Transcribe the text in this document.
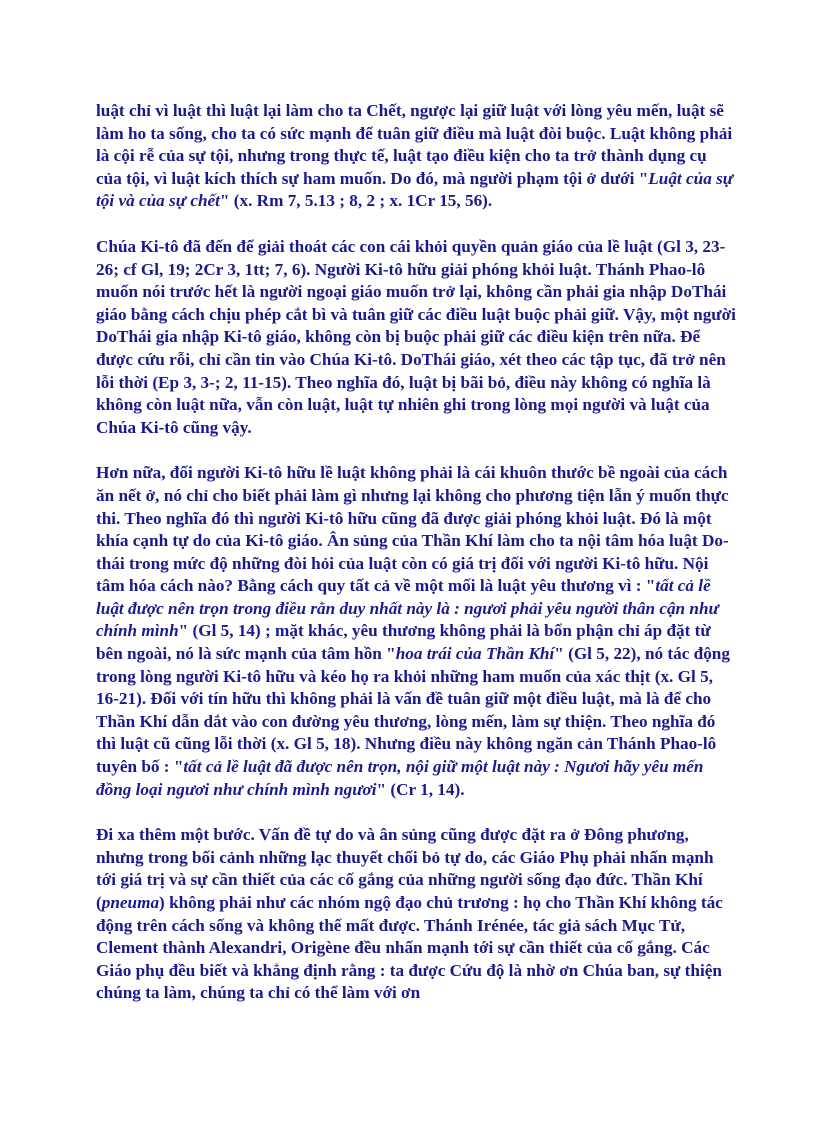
luật chỉ vì luật thì luật lại làm cho ta Chết, ngược lại giữ luật với lòng yêu mến, luật sẽ làm ho ta sống, cho ta có sức mạnh để tuân giữ điều mà luật đòi buộc. Luật không phải là cội rễ của sự tội, nhưng trong thực tế, luật tạo điều kiện cho ta trở thành dụng cụ của tội, vì luật kích thích sự ham muốn. Do đó, mà người phạm tội ở dưới "Luật của sự tội và của sự chết" (x. Rm 7, 5.13 ; 8, 2 ; x. 1Cr 15, 56).

Chúa Ki-tô đã đến để giải thoát các con cái khỏi quyền quản giáo của lề luật (Gl 3, 23-26; cf Gl, 19; 2Cr 3, 1tt; 7, 6). Người Ki-tô hữu giải phóng khỏi luật. Thánh Phao-lô muốn nói trước hết là người ngoại giáo muốn trở lại, không cần phải gia nhập DoThái giáo bằng cách chịu phép cắt bì và tuân giữ các điều luật buộc phải giữ. Vậy, một người DoThái gia nhập Ki-tô giáo, không còn bị buộc phải giữ các điều kiện trên nữa. Để được cứu rỗi, chỉ cần tin vào Chúa Ki-tô. DoThái giáo, xét theo các tập tục, đã trở nên lỗi thời (Ep 3, 3-; 2, 11-15). Theo nghĩa đó, luật bị bãi bỏ, điều này không có nghĩa là không còn luật nữa, vẫn còn luật, luật tự nhiên ghi trong lòng mọi người và luật của Chúa Ki-tô cũng vậy.

Hơn nữa, đối người Ki-tô hữu lề luật không phải là cái khuôn thước bề ngoài của cách ăn nết ở, nó chỉ cho biết phải làm gì nhưng lại không cho phương tiện lẫn ý muốn thực thi. Theo nghĩa đó thì người Ki-tô hữu cũng đã được giải phóng khỏi luật. Đó là một khía cạnh tự do của Ki-tô giáo. Ân sủng của Thần Khí làm cho ta nội tâm hóa luật Do-thái trong mức độ những đòi hỏi của luật còn có giá trị đối với người Ki-tô hữu. Nội tâm hóa cách nào? Bằng cách quy tất cả về một mối là luật yêu thương vì : "tất cả lề luật được nên trọn trong điều rằn duy nhất này là : ngươi phải yêu người thân cận như chính mình" (Gl 5, 14) ; mặt khác, yêu thương không phải là bổn phận chỉ áp đặt từ bên ngoài, nó là sức mạnh của tâm hồn "hoa trái của Thần Khí" (Gl 5, 22), nó tác động trong lòng người Ki-tô hữu và kéo họ ra khỏi những ham muốn của xác thịt (x. Gl 5, 16-21). Đối với tín hữu thì không phải là vấn đề tuân giữ một điều luật, mà là để cho Thần Khí dẫn dắt vào con đường yêu thương, lòng mến, làm sự thiện. Theo nghĩa đó thì luật cũ cũng lỗi thời (x. Gl 5, 18). Nhưng điều này không ngăn cản Thánh Phao-lô tuyên bố : "tất cả lề luật đã được nên trọn, nội giữ một luật này : Ngươi hãy yêu mến đồng loại ngươi như chính mình ngươi" (Cr 1, 14).

Đi xa thêm một bước. Vấn đề tự do và ân sủng cũng được đặt ra ở Đông phương, nhưng trong bối cảnh những lạc thuyết chối bỏ tự do, các Giáo Phụ phải nhấn mạnh tới giá trị và sự cần thiết của các cố gắng của những người sống đạo đức. Thần Khí (pneuma) không phải như các nhóm ngộ đạo chủ trương : họ cho Thần Khí không tác động trên cách sống và không thể mất được. Thánh Irénée, tác giả sách Mục Tử, Clement thành Alexandri, Origène đều nhấn mạnh tới sự cần thiết của cố gắng. Các Giáo phụ đều biết và khẳng định rằng : ta được Cứu độ là nhờ ơn Chúa ban, sự thiện chúng ta làm, chúng ta chỉ có thể làm với ơn
